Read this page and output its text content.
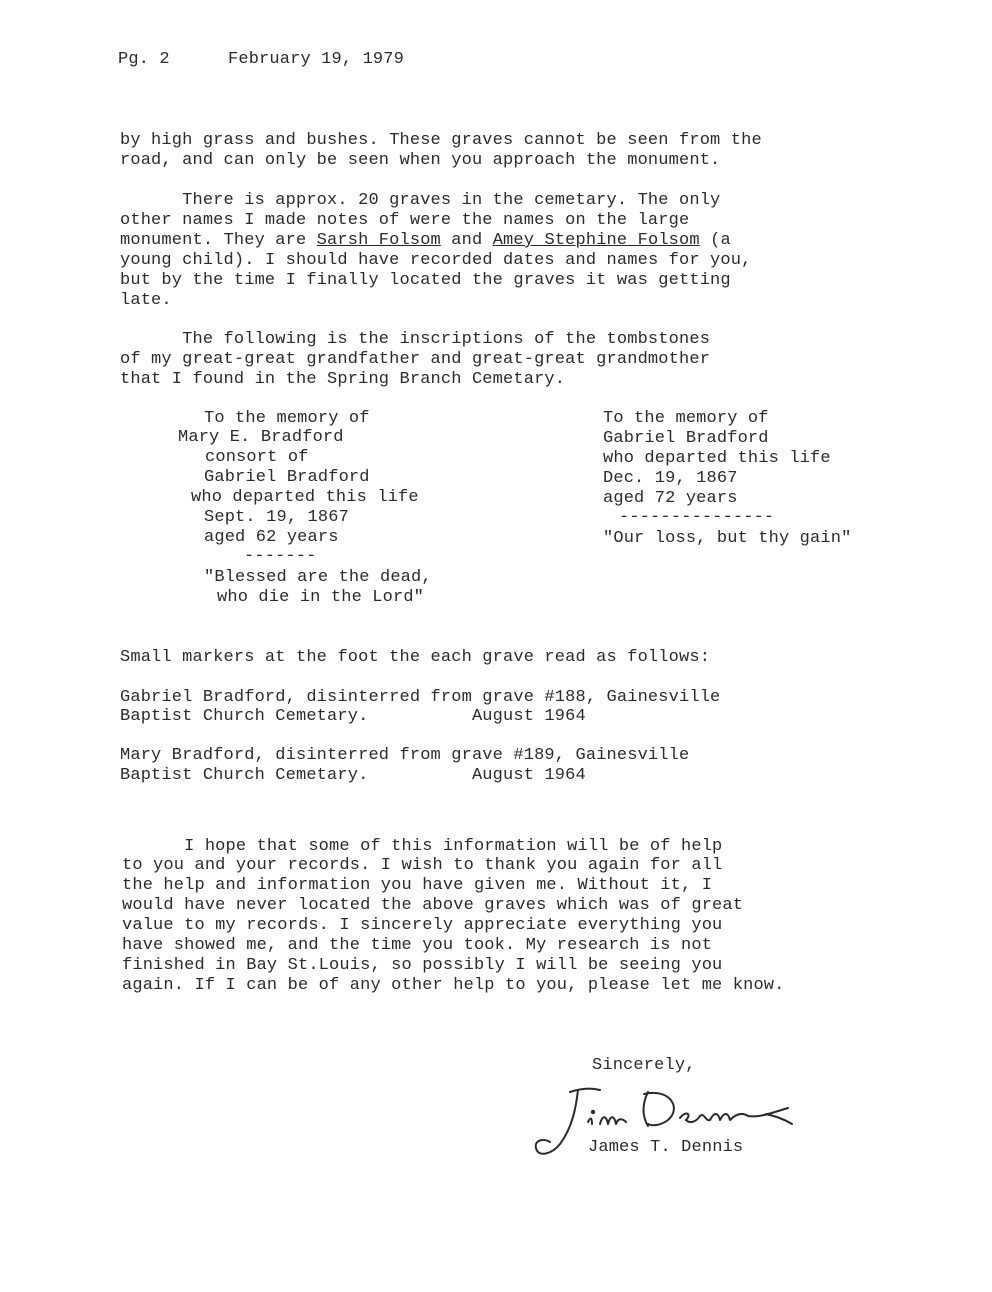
Pg. 2	February 19, 1979
by high grass and bushes. These graves cannot be seen from the
road, and can only be seen when you approach the monument.
There is approx. 20 graves in the cemetary. The only
other names I made notes of were the names on the large
monument. They are Sarsh Folsom and Amey Stephine Folsom (a
young child). I should have recorded dates and names for you,
but by the time I finally located the graves it was getting
late.
The following is the inscriptions of the tombstones
of my great-great grandfather and great-great grandmother
that I found in the Spring Branch Cemetary.
To the memory of
Mary E. Bradford
consort of
Gabriel Bradford
who departed this life
Sept. 19, 1867
aged 62 years
-------
"Blessed are the dead,
who die in the Lord"
To the memory of
Gabriel Bradford
who departed this life
Dec. 19, 1867
aged 72 years
---------------
"Our loss, but thy gain"
Small markers at the foot the each grave read as follows:
Gabriel Bradford, disinterred from grave #188, Gainesville
Baptist Church Cemetary.          August 1964
Mary Bradford, disinterred from grave #189, Gainesville
Baptist Church Cemetary.          August 1964
I hope that some of this information will be of help
to you and your records. I wish to thank you again for all
the help and information you have given me. Without it, I
would have never located the above graves which was of great
value to my records. I sincerely appreciate everything you
have showed me, and the time you took. My research is not
finished in Bay St.Louis, so possibly I will be seeing you
again. If I can be of any other help to you, please let me know.
Sincerely,
James T. Dennis
